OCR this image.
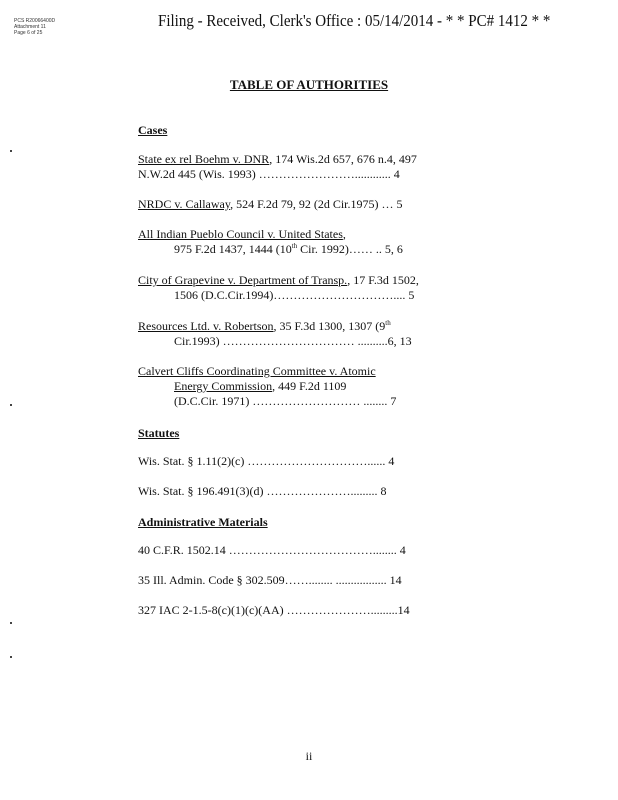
PCS R20066400D
Attachment 11
Page 6 of 25
Filing - Received, Clerk's Office : 05/14/2014 - * * PC# 1412 * *
TABLE OF AUTHORITIES
Cases
State ex rel Boehm v. DNR, 174 Wis.2d 657, 676 n.4, 497
N.W.2d 445 (Wis. 1993) ……………………............ 4
NRDC v. Callaway, 524 F.2d 79, 92 (2d Cir.1975) … 5
All Indian Pueblo Council v. United States,
975 F.2d 1437, 1444 (10th Cir. 1992)…… .. 5, 6
City of Grapevine v. Department of Transp., 17 F.3d 1502,
1506 (D.C.Cir.1994)………………………….... 5
Resources Ltd. v. Robertson, 35 F.3d 1300, 1307 (9th
Cir.1993) …………………………… ..........6, 13
Calvert Cliffs Coordinating Committee v. Atomic
Energy Commission, 449 F.2d 1109
(D.C.Cir. 1971) ……………………… ........ 7
Statutes
Wis. Stat. § 1.11(2)(c) …………………………...... 4
Wis. Stat. § 196.491(3)(d) …………………......... 8
Administrative Materials
40 C.F.R. 1502.14 ………………………………........ 4
35 Ill. Admin. Code § 302.509……........ ................. 14
327 IAC 2-1.5-8(c)(1)(c)(AA) ………………….........14
ii
